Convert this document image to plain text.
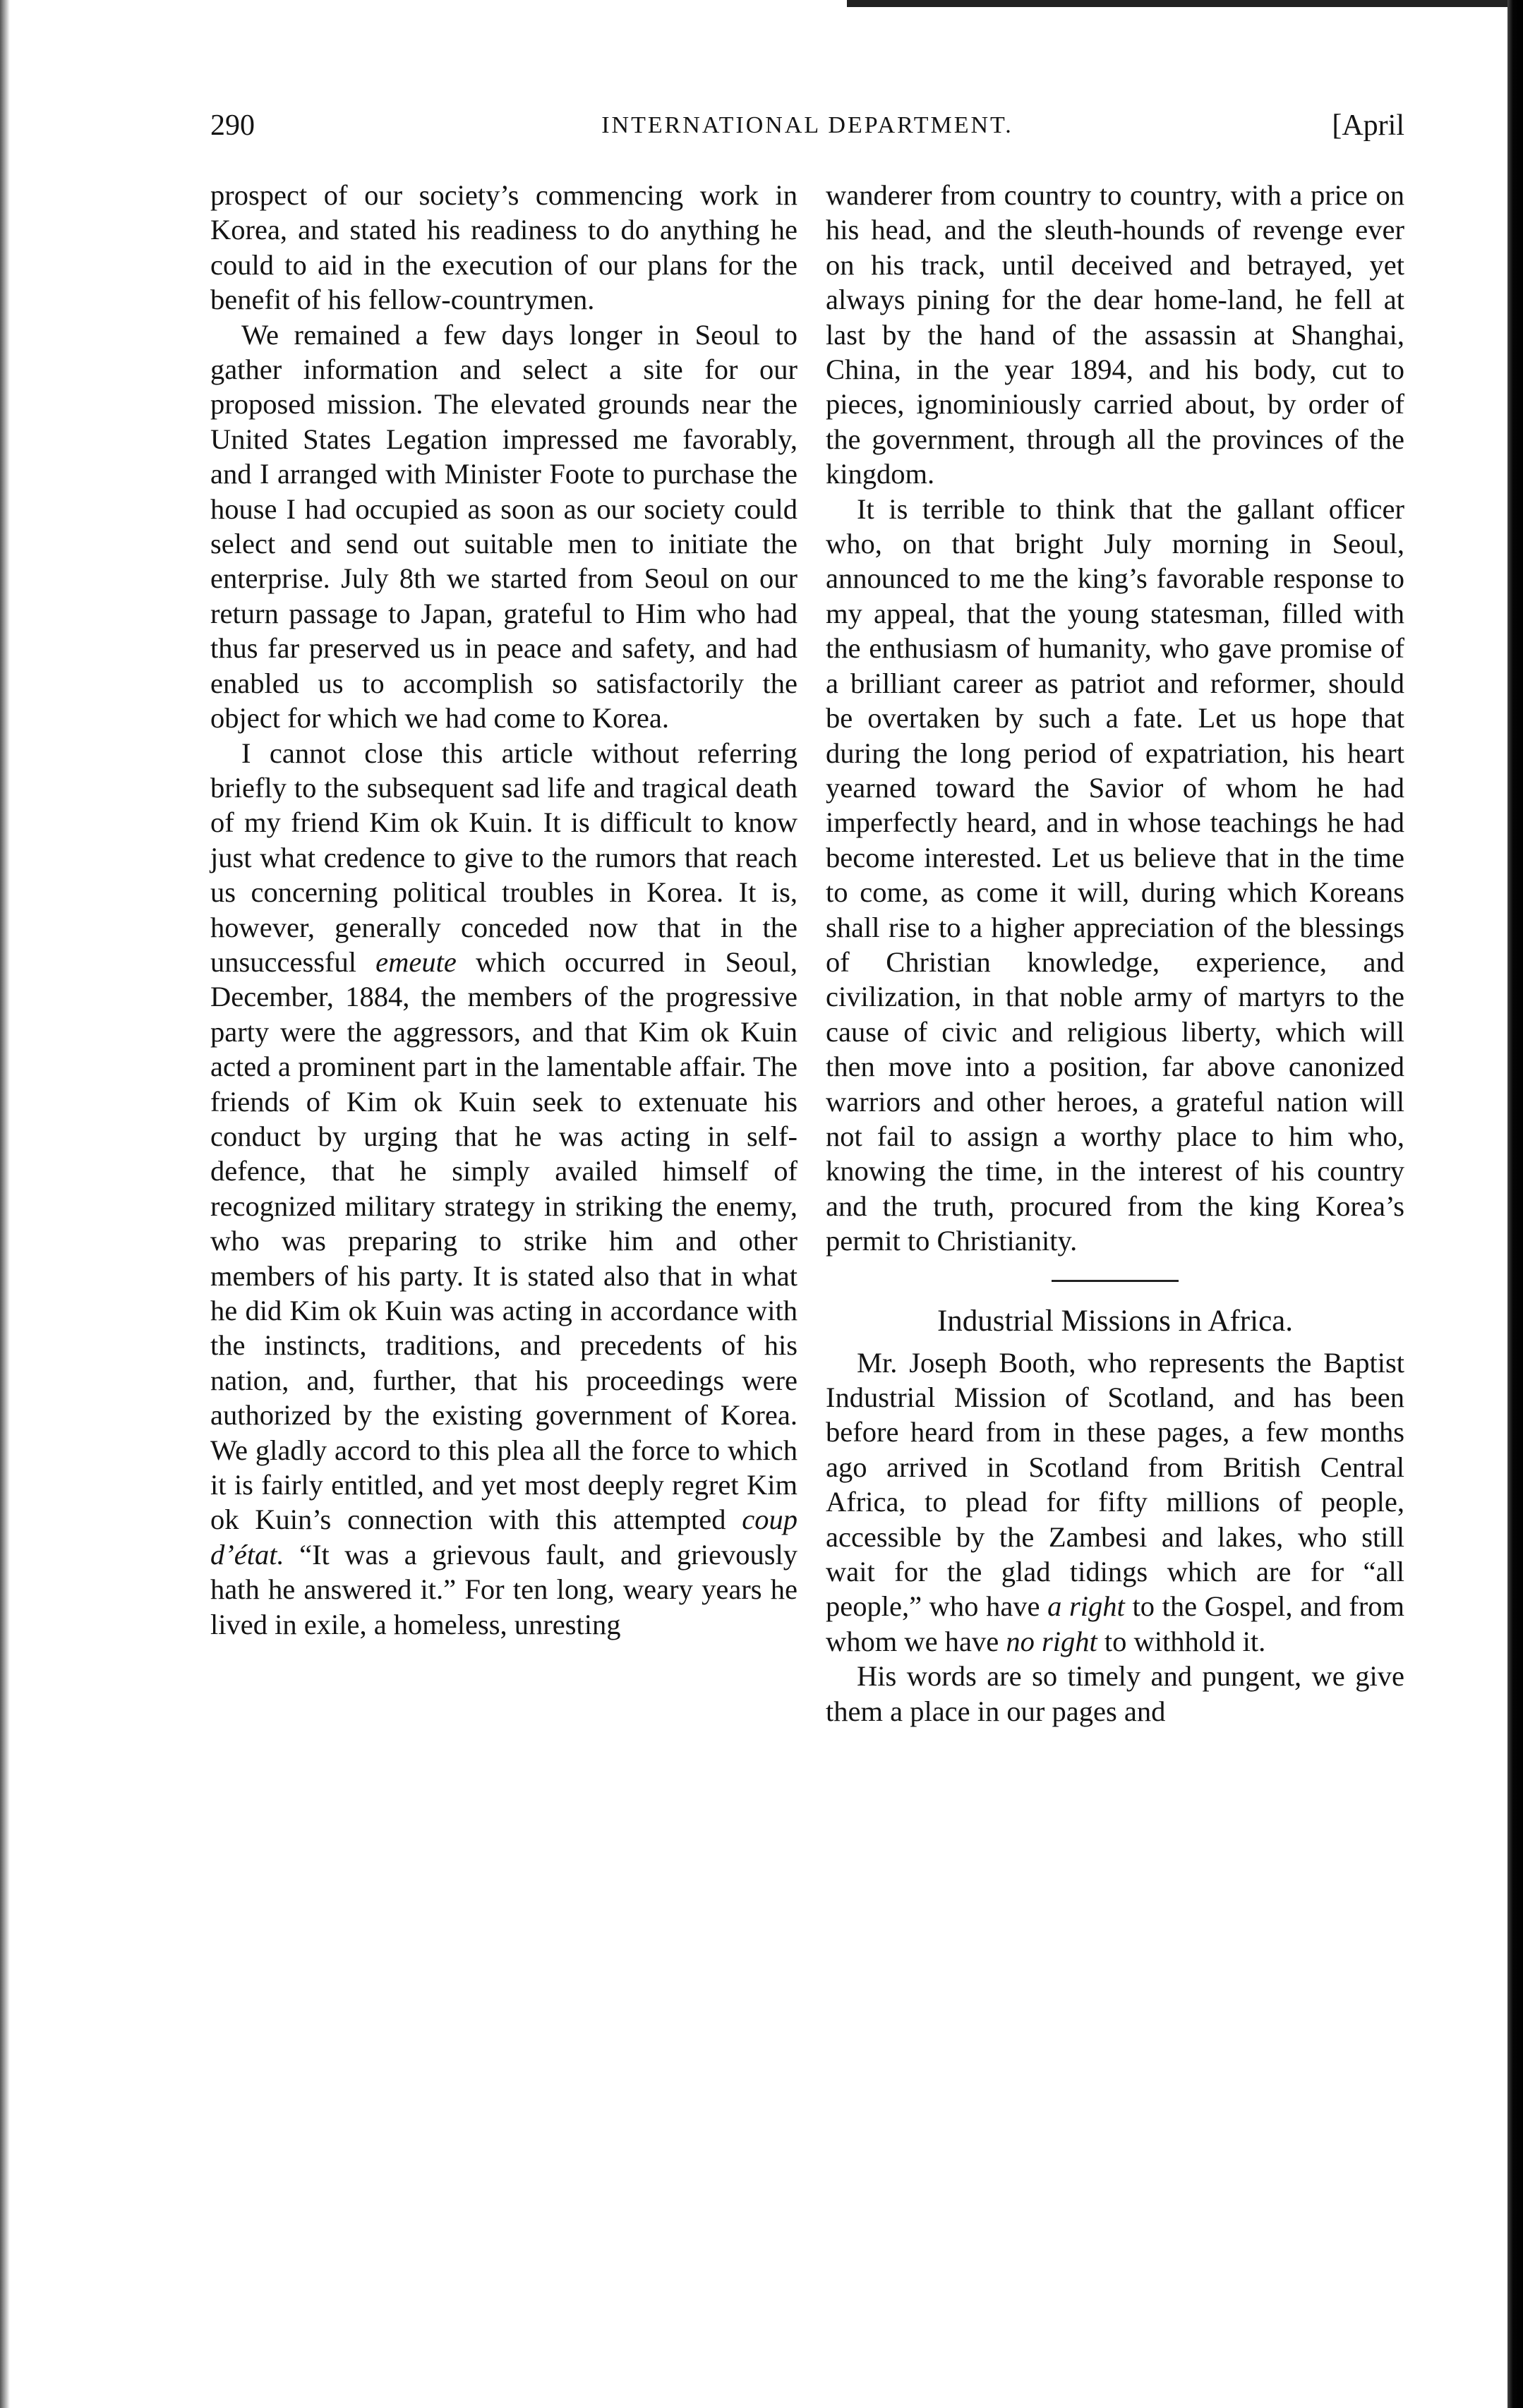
290	INTERNATIONAL DEPARTMENT.	[April

prospect of our society’s commencing work in Korea, and stated his readiness to do anything he could to aid in the execution of our plans for the benefit of his fellow-countrymen.

We remained a few days longer in Seoul to gather information and select a site for our proposed mission. The elevated grounds near the United States Legation impressed me favorably, and I arranged with Minister Foote to purchase the house I had occupied as soon as our society could select and send out suitable men to initiate the enterprise. July 8th we started from Seoul on our return passage to Japan, grateful to Him who had thus far preserved us in peace and safety, and had enabled us to accomplish so satisfactorily the object for which we had come to Korea.

I cannot close this article without referring briefly to the subsequent sad life and tragical death of my friend Kim ok Kuin. It is difficult to know just what credence to give to the rumors that reach us concerning political troubles in Korea. It is, however, generally conceded now that in the unsuccessful emeute which occurred in Seoul, December, 1884, the members of the progressive party were the aggressors, and that Kim ok Kuin acted a prominent part in the lamentable affair. The friends of Kim ok Kuin seek to extenuate his conduct by urging that he was acting in self-defence, that he simply availed himself of recognized military strategy in striking the enemy, who was preparing to strike him and other members of his party. It is stated also that in what he did Kim ok Kuin was acting in accordance with the instincts, traditions, and precedents of his nation, and, further, that his proceedings were authorized by the existing government of Korea. We gladly accord to this plea all the force to which it is fairly entitled, and yet most deeply regret Kim ok Kuin’s connection with this attempted coup d’état. “It was a grievous fault, and grievously hath he answered it.” For ten long, weary years he lived in exile, a homeless, unresting

wanderer from country to country, with a price on his head, and the sleuth-hounds of revenge ever on his track, until deceived and betrayed, yet always pining for the dear home-land, he fell at last by the hand of the assassin at Shanghai, China, in the year 1894, and his body, cut to pieces, ignominiously carried about, by order of the government, through all the provinces of the kingdom.

It is terrible to think that the gallant officer who, on that bright July morning in Seoul, announced to me the king’s favorable response to my appeal, that the young statesman, filled with the enthusiasm of humanity, who gave promise of a brilliant career as patriot and reformer, should be overtaken by such a fate. Let us hope that during the long period of expatriation, his heart yearned toward the Savior of whom he had imperfectly heard, and in whose teachings he had become interested. Let us believe that in the time to come, as come it will, during which Koreans shall rise to a higher appreciation of the blessings of Christian knowledge, experience, and civilization, in that noble army of martyrs to the cause of civic and religious liberty, which will then move into a position, far above canonized warriors and other heroes, a grateful nation will not fail to assign a worthy place to him who, knowing the time, in the interest of his country and the truth, procured from the king Korea’s permit to Christianity.

Industrial Missions in Africa.

Mr. Joseph Booth, who represents the Baptist Industrial Mission of Scotland, and has been before heard from in these pages, a few months ago arrived in Scotland from British Central Africa, to plead for fifty millions of people, accessible by the Zambesi and lakes, who still wait for the glad tidings which are for “all people,” who have a right to the Gospel, and from whom we have no right to withhold it.

His words are so timely and pungent, we give them a place in our pages and
